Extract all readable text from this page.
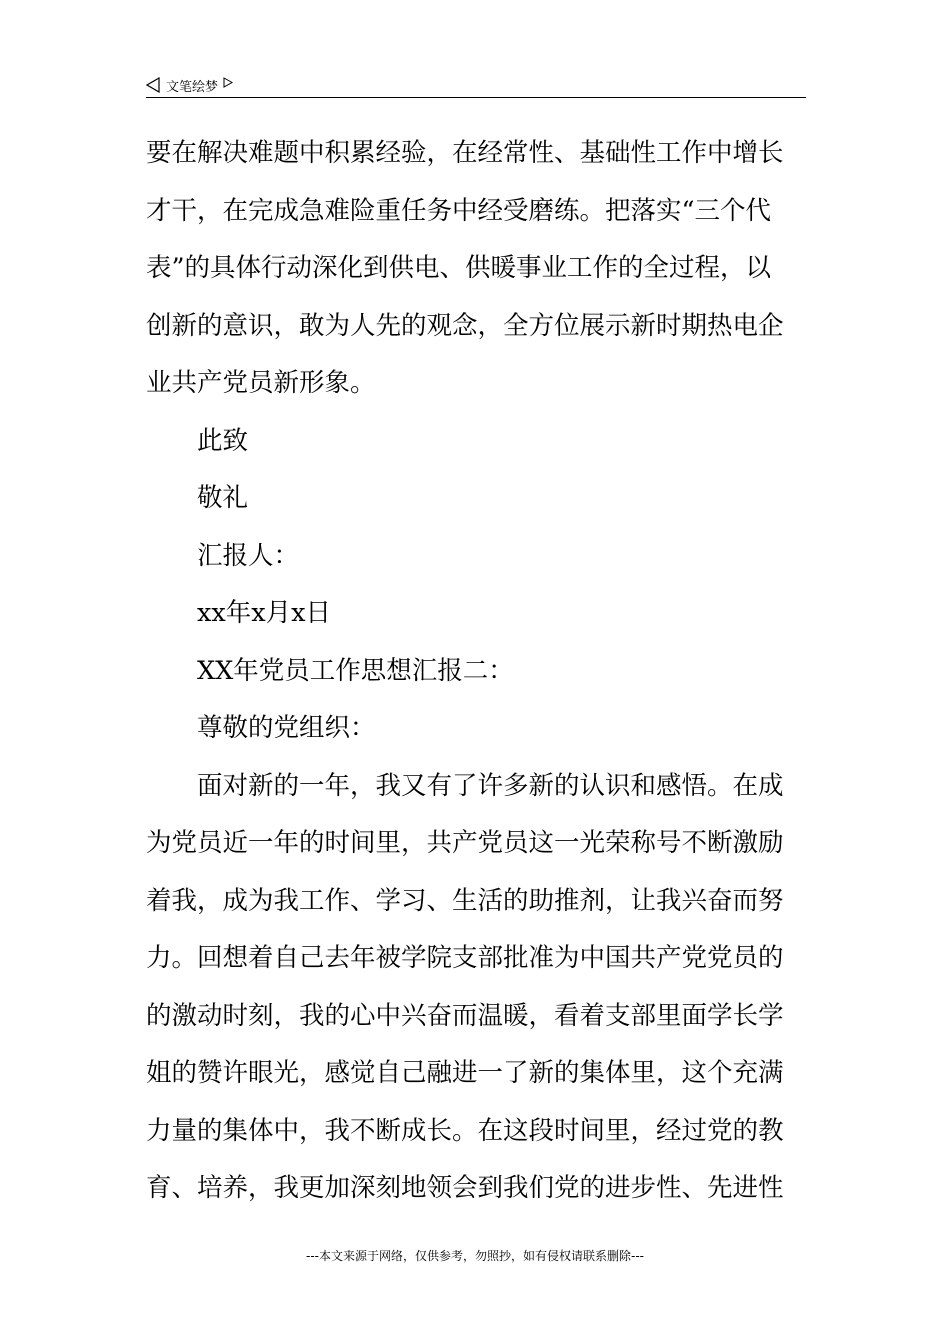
文笔绘梦
要在解决难题中积累经验，在经常性、基础性工作中增长
才干，在完成急难险重任务中经受磨练。把落实“三个代
表”的具体行动深化到供电、供暖事业工作的全过程，以
创新的意识，敢为人先的观念，全方位展示新时期热电企
业共产党员新形象。
此致
敬礼
汇报人：
xx年x月x日
XX年党员工作思想汇报二：
尊敬的党组织：
面对新的一年，我又有了许多新的认识和感悟。在成
为党员近一年的时间里，共产党员这一光荣称号不断激励
着我，成为我工作、学习、生活的助推剂，让我兴奋而努
力。回想着自己去年被学院支部批准为中国共产党党员的
的激动时刻，我的心中兴奋而温暖，看着支部里面学长学
姐的赞许眼光，感觉自己融进一了新的集体里，这个充满
力量的集体中，我不断成长。在这段时间里，经过党的教
育、培养，我更加深刻地领会到我们党的进步性、先进性
---本文来源于网络，仅供参考，勿照抄，如有侵权请联系删除---
